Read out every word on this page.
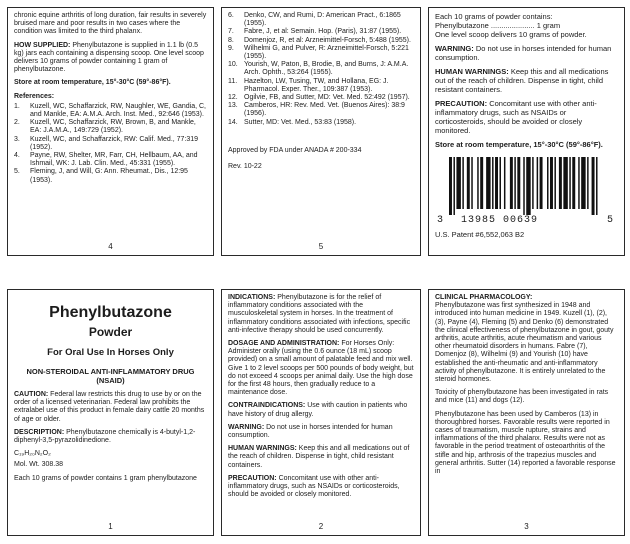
chronic equine arthritis of long duration, fair results in severely bruised mare and poor results in two cases where the condition was limited to the third phalanx.

HOW SUPPLIED: Phenylbutazone is supplied in 1.1 lb (0.5 kg) jars each containing a dispensing scoop. One level scoop delivers 10 grams of powder containing 1 gram of phenylbutazone.

Store at room temperature, 15°-30°C (59°-86°F).

References:

1.	Kuzell, WC, Schaffarzick, RW, Naughler, WE, Gandia, C, and Mankle, EA: A.M.A. Arch. Inst. Med., 92:646 (1953).
2.	Kuzell, WC, Schaffarzick, RW, Brown, B, and Mankle, EA: J.A.M.A., 149:729 (1952).
3.	Kuzell, WC, and Schaffarzick, RW: Calif. Med., 77:319 (1952).
4.	Payne, RW, Shelter, MR, Farr, CH, Hellbaum, AA, and Ishmail, WK: J. Lab. Clin. Med., 45:331 (1955).
5.	Fleming, J, and Will, G: Ann. Rheumat., Dis., 12:95 (1953).
4
6.	Denko, CW, and Rumi, D: American Pract., 6:1865 (1955).
7.	Fabre, J, et al: Semain. Hop. (Paris), 31:87 (1955).
8.	Domenjoz, R, et al: Arzneimittel-Forsch, 5:488 (1955).
9.	Wilhelmi G, and Pulver, R: Arzneimittel-Forsch, 5:221 (1955).
10. Yourish, W, Paton, B, Brodie, B, and Burns, J: A.M.A. Arch. Ophth., 53:264 (1955).
11. Hazelton, LW, Tusing, TW, and Hollana, EG: J. Pharmacol. Exper. Ther., 109:387 (1953).
12. Ogilvie, FB, and Sutter, MD: Vet. Med. 52:492 (1957).
13. Camberos, HR: Rev. Med. Vet. (Buenos Aires): 38:9 (1956).
14. Sutter, MD: Vet. Med., 53:83 (1958).

Approved by FDA under ANADA # 200-334

Rev. 10-22

5

Each 10 grams of powder contains:

Phenylbutazone ..................... 1 gram

One level scoop delivers 10 grams of powder.

WARNING: Do not use in horses intended for human consumption.

HUMAN WARNINGS: Keep this and all medications out of the reach of children. Dispense in tight, child resistant containers.

PRECAUTION: Concomitant use with other anti-inflammatory drugs, such as NSAIDs or corticosteroids, should be avoided or closely monitored.

Store at room temperature, 15°-30°C (59°-86°F).

3 13985 00639	5

U.S. Patent #6,552,063 B2

Phenylbutazone
Powder
For Oral Use In Horses Only
NON-STEROIDAL ANTI-INFLAMMATORY DRUG (NSAID)

CAUTION: Federal law restricts this drug to use by or on the order of a licensed veterinarian. Federal law prohibits the extralabel use of this product in female dairy cattle 20 months of age or older.

DESCRIPTION: Phenylbutazone chemically is 4-butyl-1,2-diphenyl-3,5-pyrazolidinedione.

C₁₉H₂₀N₂O₂

Mol. Wt. 308.38

Each 10 grams of powder contains 1 gram phenylbutazone

1

INDICATIONS: Phenylbutazone is for the relief of inflammatory conditions associated with the musculoskeletal system in horses. In the treatment of inflammatory conditions associated with infections, specific anti-infective therapy should be used concurrently.

DOSAGE AND ADMINISTRATION: For Horses Only: Administer orally (using the 0.6 ounce (18 mL) scoop provided) on a small amount of palatable feed and mix well. Give 1 to 2 level scoops per 500 pounds of body weight, but do not exceed 4 scoops per animal daily. Use the high dose for the first 48 hours, then gradually reduce to a maintenance dose.

CONTRAINDICATIONS: Use with caution in patients who have history of drug allergy.

WARNING: Do not use in horses intended for human consumption.

HUMAN WARNINGS: Keep this and all medications out of the reach of children. Dispense in tight, child resistant containers.

PRECAUTION: Concomitant use with other anti-inflammatory drugs, such as NSAIDs or corticosteroids, should be avoided or closely monitored.

2

CLINICAL PHARMACOLOGY:

Phenylbutazone was first synthesized in 1948 and introduced into human medicine in 1949. Kuzell (1), (2), (3), Payne (4), Fleming (5) and Denko (6) demonstrated the clinical effectiveness of phenylbutazone in gout, gouty arthritis, acute arthritis, acute rheumatism and various other rheumatoid disorders in humans. Fabre (7), Domenjoz (8), Wilhelmi (9) and Yourish (10) have established the anti-rheumatic and anti-inflammatory activity of phenylbutazone. It is entirely unrelated to the steroid hormones.

Toxicity of phenylbutazone has been investigated in rats and mice (11) and dogs (12).

Phenylbutazone has been used by Camberos (13) in thoroughbred horses. Favorable results were reported in cases of traumatism, muscle rupture, strains and inflammations of the third phalanx. Results were not as favorable in the period treatment of osteoarthritis of the stifle and hip, arthrosis of the trapezius muscles and general arthritis. Sutter (14) reported a favorable response in

3
